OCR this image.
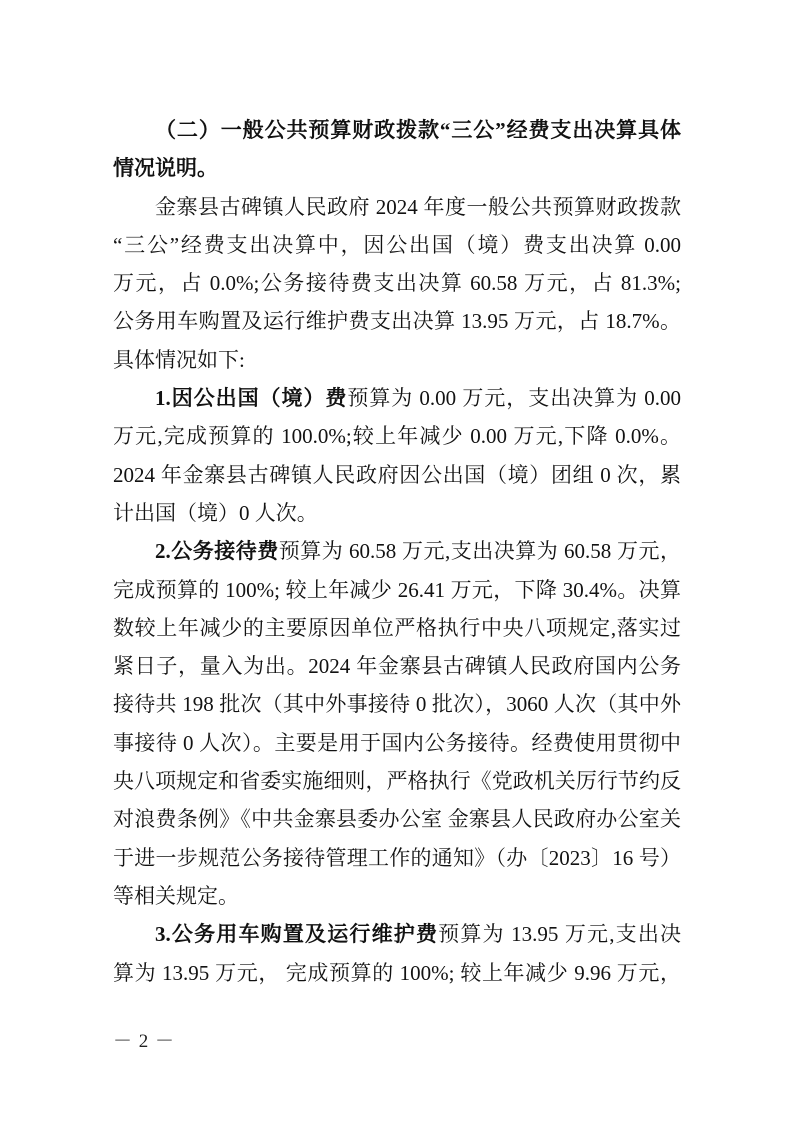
（二）一般公共预算财政拨款“三公”经费支出决算具体
情况说明。
金寨县古碑镇人民政府 2024 年度一般公共预算财政拨款
“三公”经费支出决算中，因公出国（境）费支出决算 0.00
万元，占 0.0%;公务接待费支出决算 60.58 万元，占 81.3%;
公务用车购置及运行维护费支出决算 13.95 万元，占 18.7%。
具体情况如下:
1.因公出国（境）费预算为 0.00 万元，支出决算为 0.00
万元,完成预算的 100.0%;较上年减少 0.00 万元,下降 0.0%。
2024 年金寨县古碑镇人民政府因公出国（境）团组 0 次，累
计出国（境）0 人次。
2.公务接待费预算为 60.58 万元,支出决算为 60.58 万元，
完成预算的 100%; 较上年减少 26.41 万元，下降 30.4%。决算
数较上年减少的主要原因单位严格执行中央八项规定,落实过
紧日子，量入为出。2024 年金寨县古碑镇人民政府国内公务
接待共 198 批次（其中外事接待 0 批次），3060 人次（其中外
事接待 0 人次）。主要是用于国内公务接待。经费使用贯彻中
央八项规定和省委实施细则，严格执行《党政机关厉行节约反
对浪费条例》《中共金寨县委办公室 金寨县人民政府办公室关
于进一步规范公务接待管理工作的通知》（办〔2023〕16 号）
等相关规定。
3.公务用车购置及运行维护费预算为 13.95 万元,支出决
算为 13.95 万元， 完成预算的 100%; 较上年减少 9.96 万元，
－ 2 －
